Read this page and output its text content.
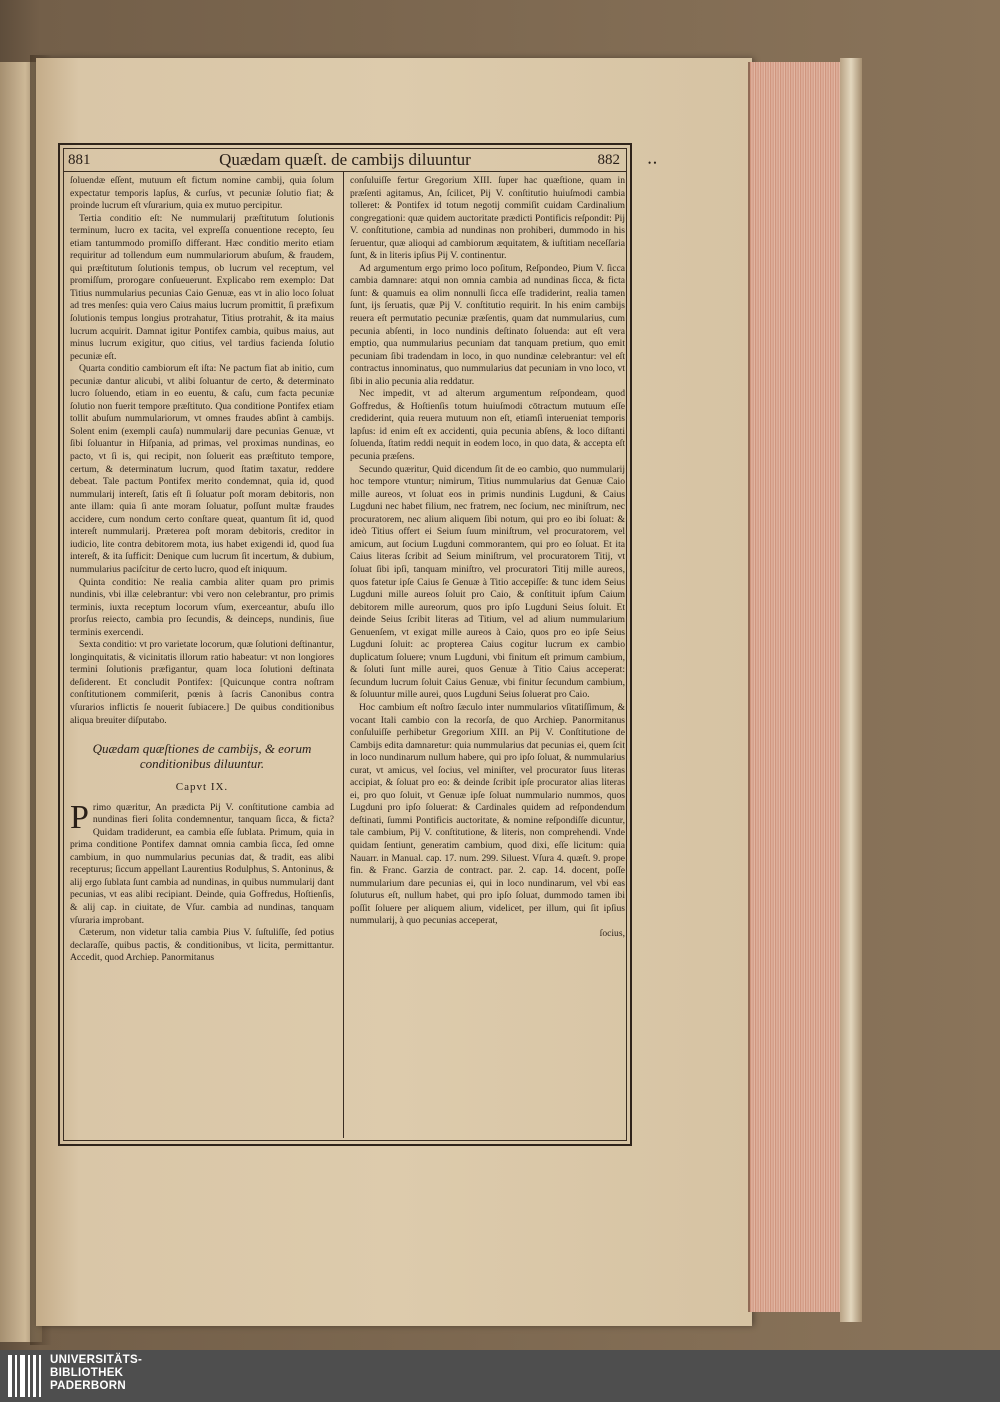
• •
881	Quædam quæſt. de cambijs diluuntur	882

ſoluendæ eſſent, mutuum eſt fictum nomine cambij, quia ſolum expectatur temporis lapſus, & curſus, vt pecuniæ ſolutio fiat; & proinde lucrum eſt vſurarium, quia ex mutuo percipitur.

Tertia conditio eſt: Ne nummularij præſtitutum ſolutionis terminum, lucro ex tacita, vel expreſſa conuentione recepto, ſeu etiam tantummodo promiſſo differant. Hæc conditio merito etiam requiritur ad tollendum eum nummulariorum abuſum, & fraudem, qui præſtitutum ſolutionis tempus, ob lucrum vel receptum, vel promiſſum, prorogare conſueuerunt. Explicabo rem exemplo: Dat Titius nummularius pecunias Caio Genuæ, eas vt in alio loco ſoluat ad tres menſes: quia vero Caius maius lucrum promittit, ſi præfixum ſolutionis tempus longius protrahatur, Titius protrahit, & ita maius lucrum acquirit. Damnat igitur Pontifex cambia, quibus maius, aut minus lucrum exigitur, quo citius, vel tardius facienda ſolutio pecuniæ eſt.

Quarta conditio cambiorum eſt iſta: Ne pactum fiat ab initio, cum pecuniæ dantur alicubi, vt alibi ſoluantur de certo, & determinato lucro ſoluendo, etiam in eo euentu, & caſu, cum facta pecuniæ ſolutio non fuerit tempore præſtituto. Qua conditione Pontifex etiam tollit abuſum nummulariorum, vt omnes fraudes abſint à cambijs. Solent enim (exempli cauſa) nummularij dare pecunias Genuæ, vt ſibi ſoluantur in Hiſpania, ad primas, vel proximas nundinas, eo pacto, vt ſi is, qui recipit, non ſoluerit eas præſtituto tempore, certum, & determinatum lucrum, quod ſtatim taxatur, reddere debeat. Tale pactum Pontifex merito condemnat, quia id, quod nummularij intereſt, ſatis eſt ſi ſoluatur poſt moram debitoris, non ante illam: quia ſi ante moram ſoluatur, poſſunt multæ fraudes accidere, cum nondum certo conſtare queat, quantum ſit id, quod intereſt nummularij. Præterea poſt moram debitoris, creditor in iudicio, lite contra debitorem mota, ius habet exigendi id, quod ſua intereſt, & ita ſufficit: Denique cum lucrum ſit incertum, & dubium, nummularius paciſcitur de certo lucro, quod eſt iniquum.

Quinta conditio: Ne realia cambia aliter quam pro primis nundinis, vbi illæ celebrantur: vbi vero non celebrantur, pro primis terminis, iuxta receptum locorum vſum, exerceantur, abuſu illo prorſus reiecto, cambia pro ſecundis, & deinceps, nundinis, ſiue terminis exercendi.

Sexta conditio: vt pro varietate locorum, quæ ſolutioni deſtinantur, longinquitatis, & vicinitatis illorum ratio habeatur: vt non longiores termini ſolutionis præfigantur, quam loca ſolutioni deſtinata deſiderent. Et concludit Pontifex: [Quicunque contra noſtram conſtitutionem commiſerit, pœnis à ſacris Canonibus contra vſurarios inflictis ſe nouerit ſubiacere.] De quibus conditionibus aliqua breuiter diſputabo.

Quædam quæſtiones de cambijs, & eorum conditionibus diluuntur.
Capvt IX.

Primo quæritur, An prædicta Pij V. conſtitutione cambia ad nundinas fieri ſolita condemnentur, tanquam ſicca, & ficta? Quidam tradiderunt, ea cambia eſſe ſublata. Primum, quia in prima conditione Pontifex damnat omnia cambia ſicca, ſed omne cambium, in quo nummularius pecunias dat, & tradit, eas alibi recepturus; ſiccum appellant Laurentius Rodulphus, S. Antoninus, & alij ergo ſublata ſunt cambia ad nundinas, in quibus nummularij dant pecunias, vt eas alibi recipiant. Deinde, quia Goffredus, Hoſtienſis, & alij cap. in ciuitate, de Vſur. cambia ad nundinas, tanquam vſuraria improbant.

Cæterum, non videtur talia cambia Pius V. ſuſtuliſſe, ſed potius declaraſſe, quibus pactis, & conditionibus, vt licita, permittantur. Accedit, quod Archiep. Panormitanus

conſuluiſſe fertur Gregorium XIII. ſuper hac quæſtione, quam in præſenti agitamus, An, ſcilicet, Pij V. conſtitutio huiuſmodi cambia tolleret: & Pontifex id totum negotij commiſit cuidam Cardinalium congregationi: quæ quidem auctoritate prædicti Pontificis reſpondit: Pij V. conſtitutione, cambia ad nundinas non prohiberi, dummodo in his ſeruentur, quæ alioqui ad cambiorum æquitatem, & iuſtitiam neceſſaria ſunt, & in literis ipſius Pij V. continentur.

Ad argumentum ergo primo loco poſitum, Reſpondeo, Pium V. ſicca cambia damnare: atqui non omnia cambia ad nundinas ſicca, & ficta ſunt: & quamuis ea olim nonnulli ſicca eſſe tradiderint, realia tamen ſunt, ijs ſeruatis, quæ Pij V. conſtitutio requirit. In his enim cambijs reuera eſt permutatio pecuniæ præſentis, quam dat nummularius, cum pecunia abſenti, in loco nundinis deſtinato ſoluenda: aut eſt vera emptio, qua nummularius pecuniam dat tanquam pretium, quo emit pecuniam ſibi tradendam in loco, in quo nundinæ celebrantur: vel eſt contractus innominatus, quo nummularius dat pecuniam in vno loco, vt ſibi in alio pecunia alia reddatur.

Nec impedit, vt ad alterum argumentum reſpondeam, quod Goffredus, & Hoſtienſis totum huiuſmodi cōtractum mutuum eſſe crediderint, quia reuera mutuum non eſt, etiamſi interueniat temporis lapſus: id enim eſt ex accidenti, quia pecunia abſens, & loco diſtanti ſoluenda, ſtatim reddi nequit in eodem loco, in quo data, & accepta eſt pecunia præſens.

Secundo quæritur, Quid dicendum ſit de eo cambio, quo nummularij hoc tempore vtuntur; nimirum, Titius nummularius dat Genuæ Caio mille aureos, vt ſoluat eos in primis nundinis Lugduni, & Caius Lugduni nec habet filium, nec fratrem, nec ſocium, nec miniſtrum, nec procuratorem, nec alium aliquem ſibi notum, qui pro eo ibi ſoluat: & ideò Titius offert ei Seium ſuum miniſtrum, vel procuratorem, vel amicum, aut ſocium Lugduni commorantem, qui pro eo ſoluat. Et ita Caius literas ſcribit ad Seium miniſtrum, vel procuratorem Titij, vt ſoluat ſibi ipſi, tanquam miniſtro, vel procuratori Titij mille aureos, quos fatetur ipſe Caius ſe Genuæ à Titio accepiſſe: & tunc idem Seius Lugduni mille aureos ſoluit pro Caio, & conſtituit ipſum Caium debitorem mille aureorum, quos pro ipſo Lugduni Seius ſoluit. Et deinde Seius ſcribit literas ad Titium, vel ad alium nummularium Genuenſem, vt exigat mille aureos à Caio, quos pro eo ipſe Seius Lugduni ſoluit: ac propterea Caius cogitur lucrum ex cambio duplicatum ſoluere; vnum Lugduni, vbi finitum eſt primum cambium, & ſoluti ſunt mille aurei, quos Genuæ à Titio Caius acceperat: ſecundum lucrum ſoluit Caius Genuæ, vbi finitur ſecundum cambium, & ſoluuntur mille aurei, quos Lugduni Seius ſoluerat pro Caio.

Hoc cambium eſt noſtro ſæculo inter nummularios vſitatiſſimum, & vocant Itali cambio con la recorſa, de quo Archiep. Panormitanus conſuluiſſe perhibetur Gregorium XIII. an Pij V. Conſtitutione de Cambijs edita damnaretur: quia nummularius dat pecunias ei, quem ſcit in loco nundinarum nullum habere, qui pro ipſo ſoluat, & nummularius curat, vt amicus, vel ſocius, vel miniſter, vel procurator ſuus literas accipiat, & ſoluat pro eo: & deinde ſcribit ipſe procurator alias literas ei, pro quo ſoluit, vt Genuæ ipſe ſoluat nummulario nummos, quos Lugduni pro ipſo ſoluerat: & Cardinales quidem ad reſpondendum deſtinati, ſummi Pontificis auctoritate, & nomine reſpondiſſe dicuntur, tale cambium, Pij V. conſtitutione, & literis, non comprehendi. Vnde quidam ſentiunt, generatim cambium, quod dixi, eſſe licitum: quia Nauarr. in Manual. cap. 17. num. 299. Siluest. Vſura 4. quæſt. 9. prope fin. & Franc. Garzia de contract. par. 2. cap. 14. docent, poſſe nummularium dare pecunias ei, qui in loco nundinarum, vel vbi eas ſoluturus eſt, nullum habet, qui pro ipſo ſoluat, dummodo tamen ibi poſſit ſoluere per aliquem alium, videlicet, per illum, qui ſit ipſius nummularij, à quo pecunias acceperat,

ſocius,
UNIVERSITÄTS-
BIBLIOTHEK
PADERBORN
